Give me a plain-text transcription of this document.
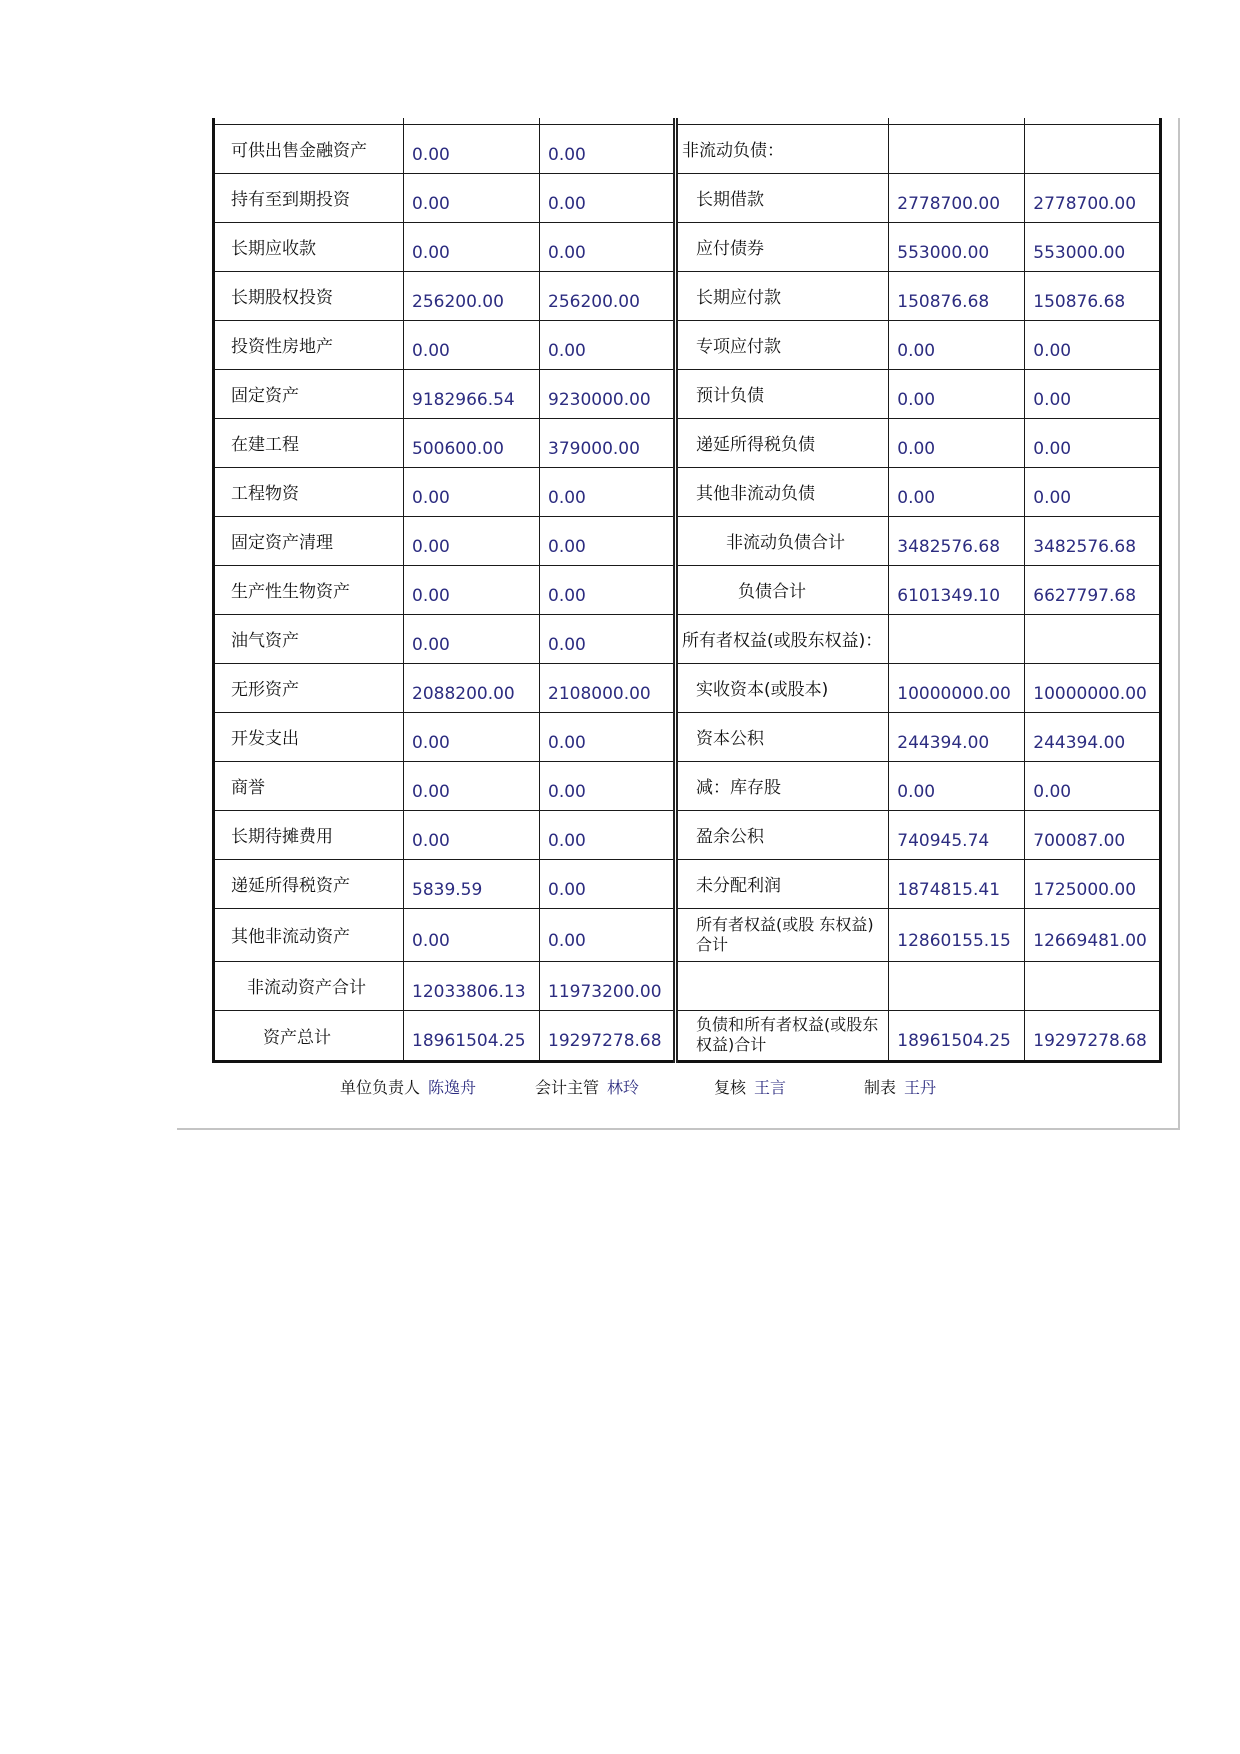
可供出售金融资产	0.00	0.00	非流动负债：		
持有至到期投资	0.00	0.00	长期借款	2778700.00	2778700.00
长期应收款	0.00	0.00	应付债券	553000.00	553000.00
长期股权投资	256200.00	256200.00	长期应付款	150876.68	150876.68
投资性房地产	0.00	0.00	专项应付款	0.00	0.00
固定资产	9182966.54	9230000.00	预计负债	0.00	0.00
在建工程	500600.00	379000.00	递延所得税负债	0.00	0.00
工程物资	0.00	0.00	其他非流动负债	0.00	0.00
固定资产清理	0.00	0.00	非流动负债合计	3482576.68	3482576.68
生产性生物资产	0.00	0.00	负债合计	6101349.10	6627797.68
油气资产	0.00	0.00	所有者权益(或股东权益)：		
无形资产	2088200.00	2108000.00	实收资本(或股本)	10000000.00	10000000.00
开发支出	0.00	0.00	资本公积	244394.00	244394.00
商誉	0.00	0.00	减：库存股	0.00	0.00
长期待摊费用	0.00	0.00	盈余公积	740945.74	700087.00
递延所得税资产	5839.59	0.00	未分配利润	1874815.41	1725000.00
其他非流动资产	0.00	0.00	所有者权益(或股 东权益)合计	12860155.15	12669481.00
非流动资产合计	12033806.13	11973200.00			
资产总计	18961504.25	19297278.68	负债和所有者权益(或股东权益)合计	18961504.25	19297278.68
单位负责人 陈逸舟	会计主管 林玲	复核 王言	制表 王丹
